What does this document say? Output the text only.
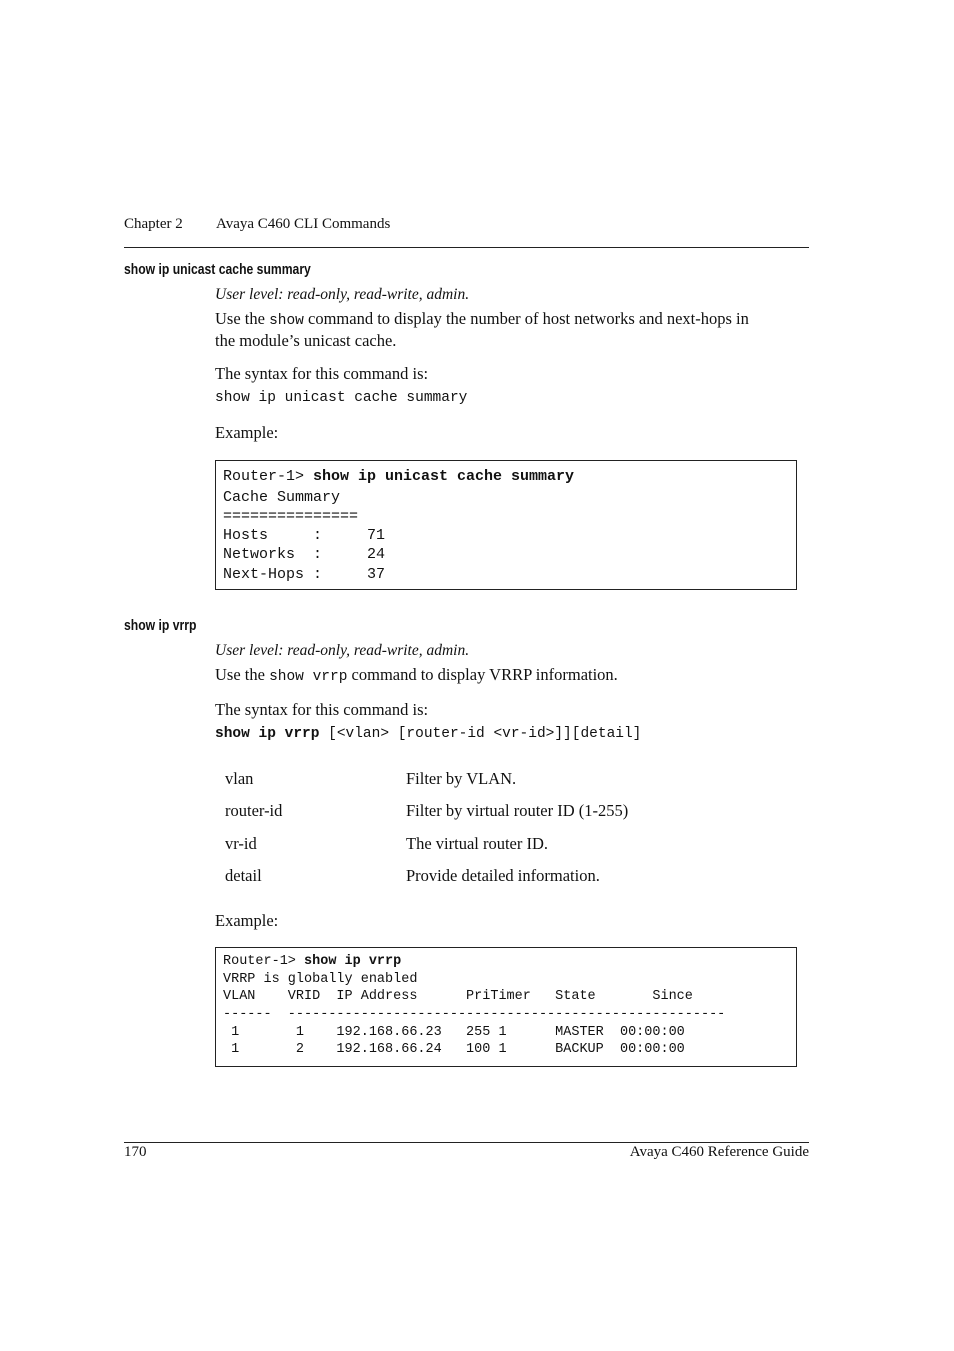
Chapter 2 Avaya C460 CLI Commands
show ip unicast cache summary
User level: read-only, read-write, admin.
Use the show command to display the number of host networks and next-hops in
the module’s unicast cache.
The syntax for this command is:
show ip unicast cache summary
Example:
Router-1> show ip unicast cache summary
Cache Summary
===============
Hosts     :     71
Networks  :     24
Next-Hops :     37
show ip vrrp
User level: read-only, read-write, admin.
Use the show vrrp command to display VRRP information.
The syntax for this command is:
show ip vrrp [<vlan> [router-id <vr-id>]][detail]
vlan	Filter by VLAN.
router-id	Filter by virtual router ID (1-255)
vr-id	The virtual router ID.
detail	Provide detailed information.
Example:
Router-1> show ip vrrp
VRRP is globally enabled
VLAN    VRID  IP Address      PriTimer   State       Since
------  ------------------------------------------------------
1       1    192.168.66.23   255 1      MASTER  00:00:00
1       2    192.168.66.24   100 1      BACKUP  00:00:00
170	Avaya C460 Reference Guide
